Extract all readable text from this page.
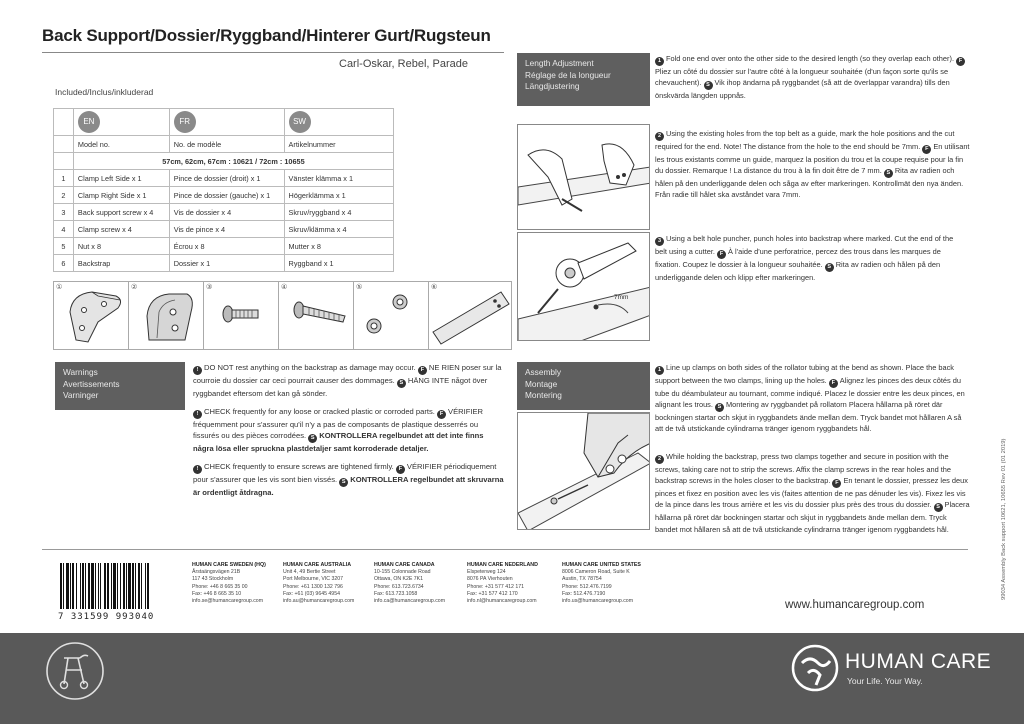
Back Support/Dossier/Ryggband/Hinterer Gurt/Rugsteun
Carl-Oskar, Rebel, Parade
Included/Inclus/inkluderad
	EN	FR	SW
	Model no.	No. de modèle	Artikelnummer
	57cm, 62cm, 67cm : 10621 / 72cm : 10655		
1	Clamp Left Side x 1	Pince de dossier (droit) x 1	Vänster klämma x 1
2	Clamp Right Side x 1	Pince de dossier (gauche) x 1	Högerklämma x 1
3	Back support screw x 4	Vis de dossier x 4	Skruv/ryggband x 4
4	Clamp screw x 4	Vis de pince x 4	Skruv/klämma x 4
5	Nut x 8	Écrou x 8	Mutter x 8
6	Backstrap	Dossier x 1	Ryggband x 1
①	②	③	④	⑤	⑥
Length Adjustment
Réglage de la longueur
Längdjustering
1 Fold one end over onto the other side to the desired length (so they overlap each other). FPliez un côté du dossier sur l'autre côté à la longueur souhaitée (d'un façon sorte qu'ils se chevauchent). S Vik ihop ändarna på ryggbandet (så att de överlappar varandra) tills den önskvärda längden uppnås.
2 Using the existing holes from the top belt as a guide, mark the hole positions and the cut required for the end. Note! The distance from the hole to the end should be 7mm. F En utilisant les trous existants comme un guide, marquez la position du trou et la coupe requise pour la fin du dossier. Remarque ! La distance du trou à la fin doit être de 7 mm. S Rita av radien och hålen på den underliggande delen och såga av efter markeringen. Kontrollmät den nya änden. Från radie till hålet ska avståndet vara 7mm.
7mm
3 Using a belt hole puncher, punch holes into backstrap where marked. Cut the end of the belt using a cutter. F À l'aide d'une perforatrice, percez des trous dans les marques de fixation. Coupez le dossier à la longueur souhaitée. S Rita av radien och hålen på den underliggande delen och klipp efter markeringen.
Warnings
Avertissements
Varninger

! DO NOT rest anything on the backstrap as damage may occur. F NE RIEN poser sur la courroie du dossier car ceci pourrait causer des dommages. S HÄNG INTE något över ryggbandet eftersom det kan gå sönder.

! CHECK frequently for any loose or cracked plastic or corroded parts. F VÉRIFIER fréquemment pour s'assurer qu'il n'y a pas de composants de plastique desserrés ou fissurés ou des pièces corrodées. S KONTROLLERA regelbundet att det inte finns några lösa eller spruckna plastdetaljer samt korroderade detaljer.

! CHECK frequently to ensure screws are tightened firmly. F VÉRIFIER périodiquement pour s'assurer que les vis sont bien vissés. S KONTROLLERA regelbundet att skruvarna är ordentligt åtdragna.

Assembly
Montage
Montering
1 Line up clamps on both sides of the rollator tubing at the bend as shown. Place the back support between the two clamps, lining up the holes. F Alignez les pinces des deux côtés du tube du déambulateur au tournant, comme indiqué. Placez le dossier entre les deux pinces, en alignant les trous. S Montering av ryggbandet på rollatorn Placera hållarna på röret där bockningen startar och skjut in ryggbandets ände mellan dem. Tryck bandet mot hållaren A så att de två utstickande cylindrarna tränger igenom ryggbandets hål.
2 While holding the backstrap, press two clamps together and secure in position with the screws, taking care not to strip the screws. Affix the clamp screws in the rear holes and the backstrap screws in the holes closer to the backstrap. F En tenant le dossier, pressez les deux pinces et fixez en position avec les vis (faites attention de ne pas dénuder les vis). Fixez les vis de la pince dans les trous arrière et les vis du dossier plus près des trous du dossier. S Placera hållarna på röret där bockningen startar och skjut in ryggbandets ände mellan dem. Tryck bandet mot hållaren så att de två utstickande cylindrarna tränger igenom ryggbandets hål.	99034 Assembly Back support 10621, 10655 Rev 01 (01 2019)
7 331599 993040
HUMAN CARE SWEDEN (HQ)
Årstaängsvägen 21B
117 43 Stockholm
Phone: +46 8 665 35 00
Fax: +46 8 665 35 10
info.se@humancaregroup.com
HUMAN CARE AUSTRALIA
Unit 4, 49 Bertie Street
Port Melbourne, VIC 3207
Phone: +61 1300 132 796
Fax: +61 (03) 9645 4954
info.au@humancaregroup.com
HUMAN CARE CANADA
10-155 Colonnade Road
Ottawa, ON K2E 7K1
Phone: 613.723.6734
Fax: 613.723.1058
info.ca@humancaregroup.com
HUMAN CARE NEDERLAND
Elspeterweg 124
8076 PA Vierhouten
Phone: +31 577 412 171
Fax: +31 577 412 170
info.nl@humancaregroup.com
HUMAN CARE UNITED STATES
8006 Cameron Road, Suite K
Austin, TX 78754
Phone: 512.476.7199
Fax: 512.476.7190
info.us@humancaregroup.com	www.humancaregroup.com
HUMAN CARE
Your Life. Your Way.
